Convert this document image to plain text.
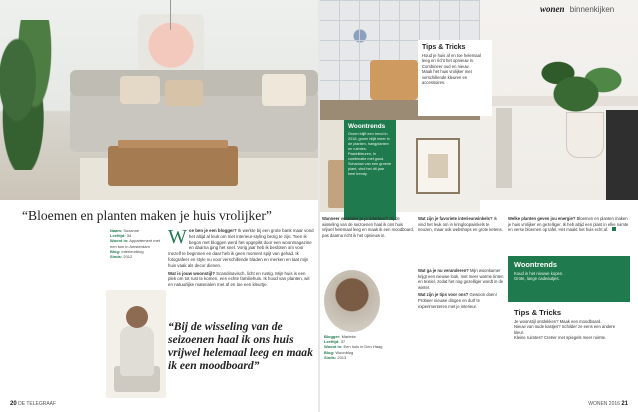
wonen binnenkijken
Tips & Tricks
Houd je huis af en toe helemaal leeg en richt het opnieuw in.
Combineer oud en nieuw.
Maak het huis vrolijker met verschillende kleuren en accessoires.
Woontrends
Groen blijft een trend in 2016, groen blijft meer in de planten, hangplanten en ruimtes.
Pastelkleuren, in combinatie met goud.
Schaduw van een groene plant, vind het dit jaar heel trendy.
“Bloemen en planten maken je huis vrolijker”
Naam: Suzanne
Leeftijd: 34
Woont in: Appartement met een tuin in Amsterdam
Blog: Interieurblog
Sinds: 2012
W oe ben je een blogger? Ik werkte bij een grote bank maar vond het altijd al leuk om met interieur-styling bezig te zijn. Toen ik begon met bloggen werd het opgepikt door een woonmagazine en daarna ging het snel. Vorig jaar heb ik besloten om voor mezelf te beginnen en daar heb ik geen moment spijt van gehad. Ik fotografeer en style nu voor verschillende bladen en merken en laat mijn huis vaak als decor dienen.
Wat is jouw woonstijl? Scandinavisch, licht en rustig. Mijn huis is een plek om tot rust te komen, een echte familiehuis. Ik houd van planten, wit en natuurlijke materialen met af en toe een kleurtje.
“Bij de wisseling van de seizoenen haal ik ons huis vrijwel helemaal leeg en maak ik een moodboard”
Wanneer verander je je interieur? Bij de wisseling van de seizoenen haal ik ons huis vrijwel helemaal leeg en maak ik een moodboard, pas daarna richt ik het opnieuw in.
Wat zijn je favoriete interieurwinkels? Ik vind het leuk om in kringloopwinkels te neuzen, maar ook webshops en grote ketens.
Welke planten geven jou energie? Bloemen en planten maken je huis vrolijker en gezelliger. Ik heb altijd een plant in elke ruimte en verse bloemen op tafel. Het maakt het huis echt af.
Blogger: Marieke
Leeftijd: 37
Woont in: Een huis in Den Haag
Blog: Woonblog
Sinds: 2013
Wat ga je nu veranderen? Mijn woonkamer krijgt een nieuwe look, met meer warme tinten en textiel, zodat het nog gezelliger wordt in de winter.
Wat zijn je tips voor ons? Gewoon doen! Probeer nieuwe dingen en durf te experimenteren met je interieur.
Woontrends
Koud in het nieuwe kopen.
Grote, lange cadeautjes.
Tips & Tricks
Je woonstijl ontdekken? Maak een moodboard.
Nieuw van oude kastjes? Schilder ze eens een andere kleur.
Kleine ruimtes? Creëer met spiegels meer ruimte.
20 DE TELEGRAAF	WONEN 2016 21
